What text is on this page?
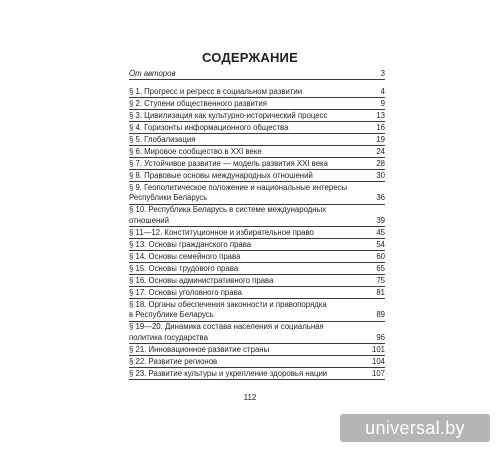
СОДЕРЖАНИЕ
От авторов	3
§ 1. Прогресс и регресс в социальном развитии	4
§ 2. Ступени общественного развития	9
§ 3. Цивилизация как культурно-исторический процесс	13
§ 4. Горизонты информационного общества	16
§ 5. Глобализация	19
§ 6. Мировое сообщество в XXI веке	24
§ 7. Устойчивое развитие — модель развития XXI века	28
§ 8. Правовые основы международных отношений	30
§ 9. Геополитическое положение и национальные интересы
Республики Беларусь	36
§ 10. Республика Беларусь в системе международных
отношений	39
§ 11—12. Конституционное и избирательное право	45
§ 13. Основы гражданского права	54
§ 14. Основы семейного права	60
§ 15. Основы трудового права	65
§ 16. Основы административного права	75
§ 17. Основы уголовного права	81
§ 18. Органы обеспечения законности и правопорядка
в Республике Беларусь	89
§ 19—20. Динамика состава населения и социальная
политика государства	96
§ 21. Инновационное развитие страны	101
§ 22. Развитие регионов	104
§ 23. Развитие культуры и укрепление здоровья нации	107
112
universal.by
